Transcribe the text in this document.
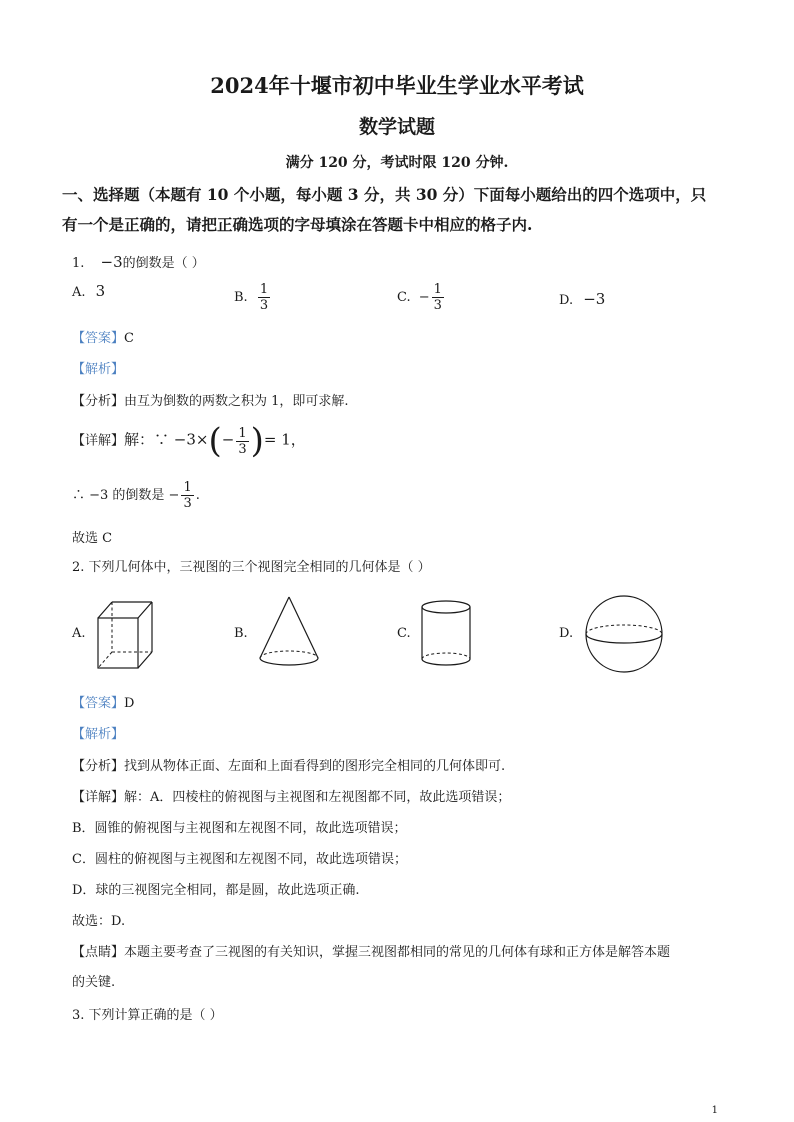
2024年十堰市初中毕业生学业水平考试
数学试题
满分 120 分，考试时限 120 分钟.
一、选择题（本题有 10 个小题，每小题 3 分，共 30 分）下面每小题给出的四个选项中，只
有一个是正确的，请把正确选项的字母填涂在答题卡中相应的格子内.
1. −3的倒数是（ ）
A. 3	B. $\frac{1}{3}$	C. − $\frac{1}{3}$	D. −3
【答案】C
【解析】
【分析】由互为倒数的两数之积为 1，即可求解.
【详解】解：∵ $-3\times(- \frac{1}{3}$ )= 1，
∴ −3 的倒数是 − $\frac{1}{3}$ .
故选 C
2. 下列几何体中，三视图的三个视图完全相同的几何体是（ ）
A.	B.	C.	D.
【答案】D
【解析】
【分析】找到从物体正面、左面和上面看得到的图形完全相同的几何体即可.
【详解】解：A．四棱柱的俯视图与主视图和左视图都不同，故此选项错误；
B．圆锥的俯视图与主视图和左视图不同，故此选项错误；
C．圆柱的俯视图与主视图和左视图不同，故此选项错误；
D．球的三视图完全相同，都是圆，故此选项正确.
故选：D.
【点睛】本题主要考查了三视图的有关知识，掌握三视图都相同的常见的几何体有球和正方体是解答本题
的关键.
3. 下列计算正确的是（ ）
1
